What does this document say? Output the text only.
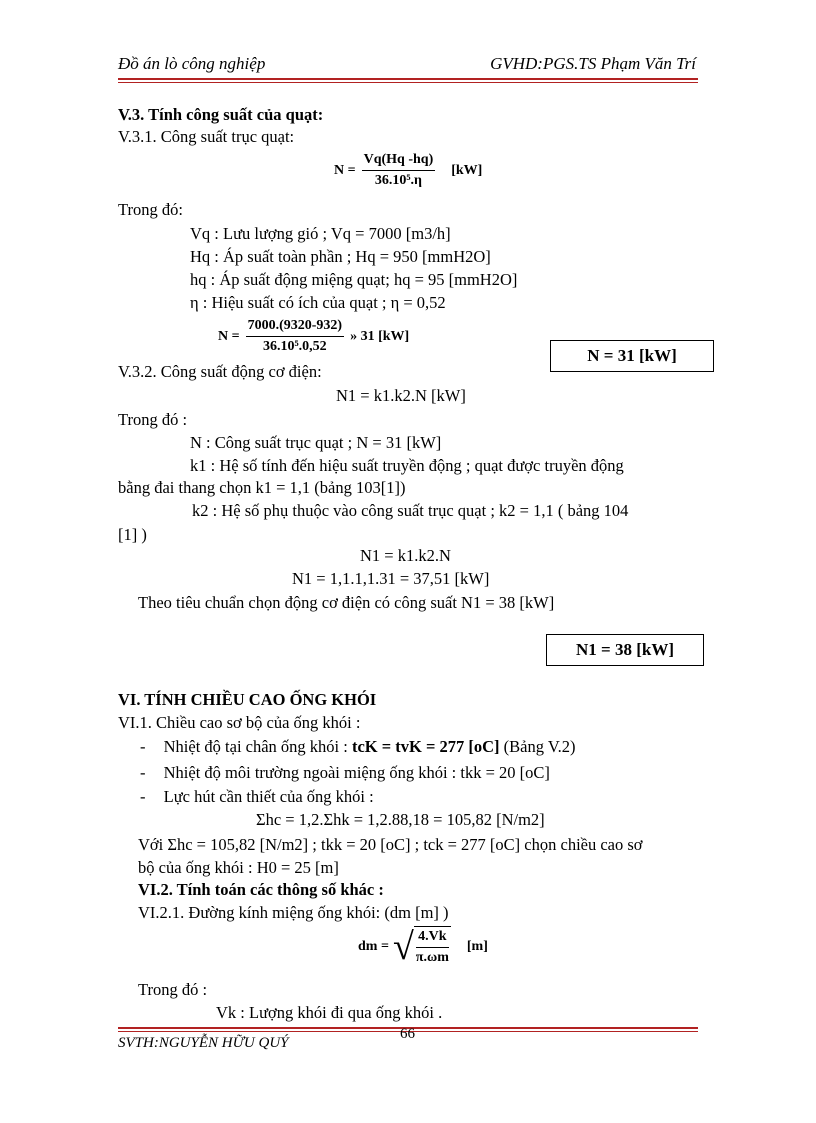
Đồ án lò công nghiệp	GVHD:PGS.TS Phạm Văn Trí
V.3. Tính công suất của quạt:
V.3.1. Công suất trục quạt:
$N = \frac{Vq(Hq -hq)}{\text{36.10⁵.η}} [kW]$
Trong đó:
Vq : Lưu lượng gió ; Vq = 7000 [m3/h]
Hq : Áp suất toàn phần ; Hq = 950 [mmH2O]
hq : Áp suất động miệng quạt; hq = 95 [mmH2O]
η : Hiệu suất có ích của quạt ; η = 0,52
$N = \frac{7000.(9320-932)}{\text{36.10⁵.0,52}}$ » 31 [kW]
N = 31 [kW]
V.3.2. Công suất động cơ điện:
N1 = k1.k2.N [kW]
Trong đó :
N : Công suất trục quạt ; N = 31 [kW]
k1 : Hệ số tính đến hiệu suất truyền động ; quạt được truyền động
bằng đai thang chọn k1 = 1,1 (bảng 103[1])
k2 : Hệ số phụ thuộc vào công suất trục quạt ; k2 = 1,1 ( bảng 104
[1] )
N1 = k1.k2.N
N1 = 1,1.1,1.31 = 37,51 [kW]
Theo tiêu chuẩn chọn động cơ điện có công suất N1 = 38 [kW]
N1 = 38 [kW]
VI. TÍNH CHIỀU CAO ỐNG KHÓI
VI.1. Chiều cao sơ bộ của ống khói :
- Nhiệt độ tại chân ống khói : tcK = tvK = 277 [oC] (Bảng V.2)
- Nhiệt độ môi trường ngoài miệng ống khói : tkk = 20 [oC]
- Lực hút cần thiết của ống khói :
Σhc = 1,2.Σhk = 1,2.88,18 = 105,82 [N/m2]
Với Σhc = 105,82 [N/m2] ; tkk = 20 [oC] ; tck = 277 [oC] chọn chiều cao sơ
bộ của ống khói : H0 = 25 [m]
VI.2. Tính toán các thông số khác :
VI.2.1. Đường kính miệng ống khói: (dm [m] )
dm = √ $\frac{4.Vk}{\pi.\omega m} [m]$
Trong đó :
Vk : Lượng khói đi qua ống khói .
66
SVTH:NGUYỄN HỮU QUÝ
